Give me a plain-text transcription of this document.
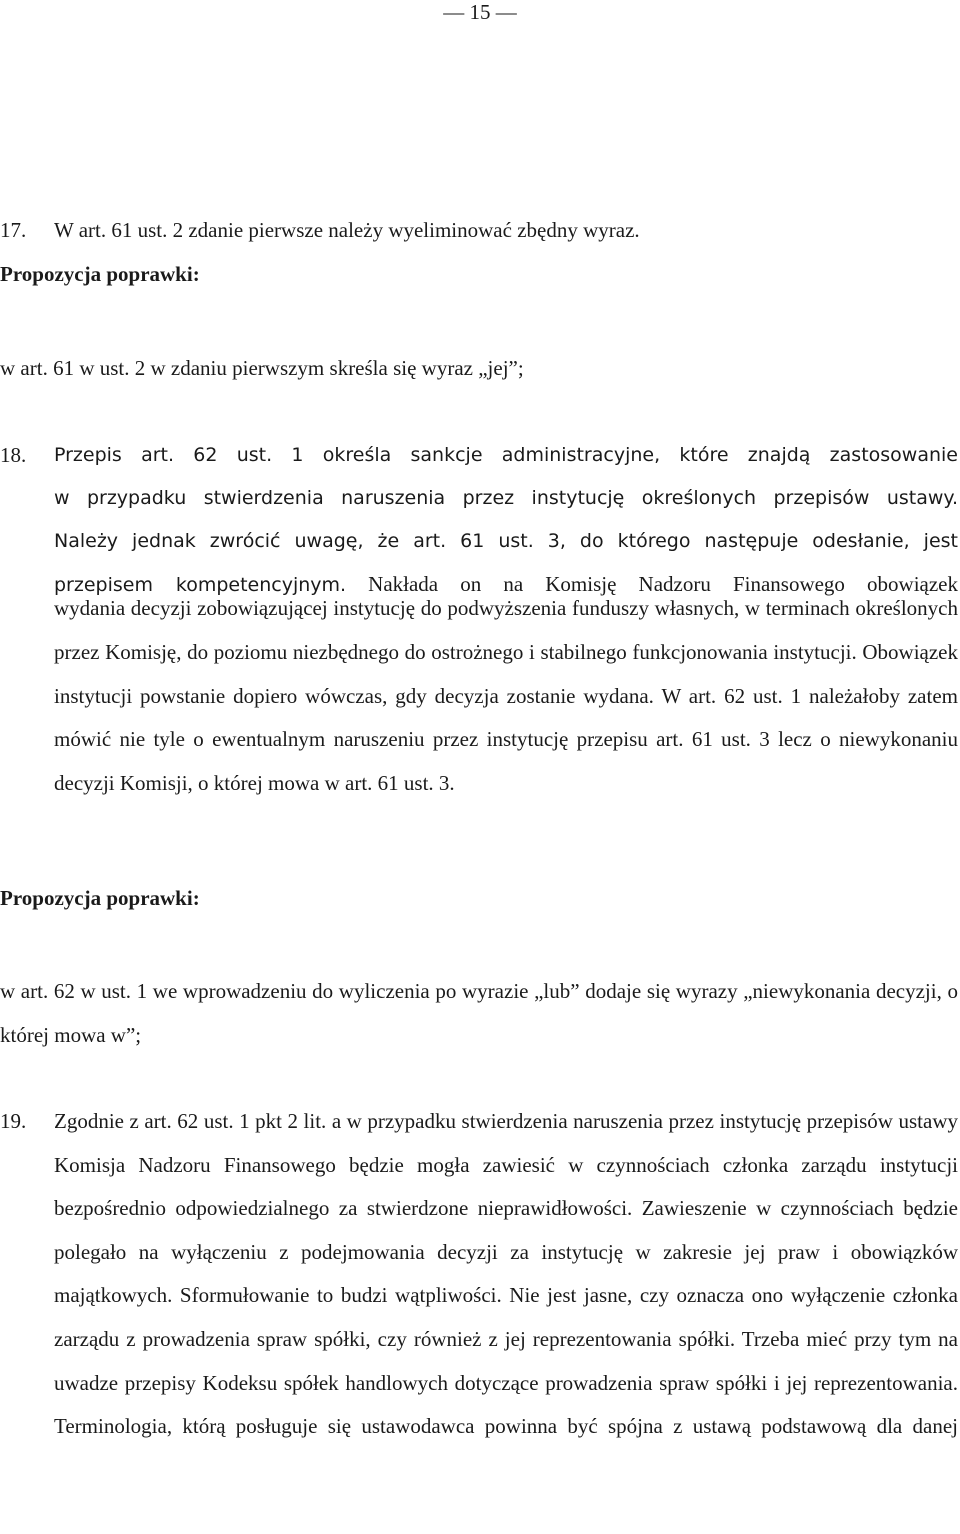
— 15 —
17.	W art. 61 ust. 2 zdanie pierwsze należy wyeliminować zbędny wyraz.
Propozycja poprawki:
w art. 61 w ust. 2 w zdaniu pierwszym skreśla się wyraz „jej”;
18.	Przepis art. 62 ust. 1 określa sankcje administracyjne, które znajdą zastosowanie
w przypadku stwierdzenia naruszenia przez instytucję określonych przepisów ustawy.
Należy jednak zwrócić uwagę, że art. 61 ust. 3, do którego następuje odesłanie, jest
przepisem kompetencyjnym. Nakłada on na Komisję Nadzoru Finansowego obowiązek

wydania decyzji zobowiązującej instytucję do podwyższenia funduszy własnych, w terminach określonych przez Komisję, do poziomu niezbędnego do ostrożnego i stabilnego funkcjonowania instytucji. Obowiązek instytucji powstanie dopiero wówczas, gdy decyzja zostanie wydana. W art. 62 ust. 1 należałoby zatem mówić nie tyle o ewentualnym naruszeniu przez instytucję przepisu art. 61 ust. 3 lecz o niewykonaniu decyzji Komisji, o której mowa w art. 61 ust. 3.

Propozycja poprawki:

w art. 62 w ust. 1 we wprowadzeniu do wyliczenia po wyrazie „lub” dodaje się wyrazy „niewykonania decyzji, o której mowa w”;

19.	Zgodnie z art. 62 ust. 1 pkt 2 lit. a w przypadku stwierdzenia naruszenia przez instytucję przepisów ustawy Komisja Nadzoru Finansowego będzie mogła zawiesić w czynnościach członka zarządu instytucji bezpośrednio odpowiedzialnego za stwierdzone nieprawidłowości. Zawieszenie w czynnościach będzie polegało na wyłączeniu z podejmowania decyzji za instytucję w zakresie jej praw i obowiązków majątkowych. Sformułowanie to budzi wątpliwości. Nie jest jasne, czy oznacza ono wyłączenie członka zarządu z prowadzenia spraw spółki, czy również z jej reprezentowania spółki. Trzeba mieć przy tym na uwadze przepisy Kodeksu spółek handlowych dotyczące prowadzenia spraw spółki i jej reprezentowania. Terminologia, którą posługuje się ustawodawca powinna być spójna z ustawą podstawową dla danej
